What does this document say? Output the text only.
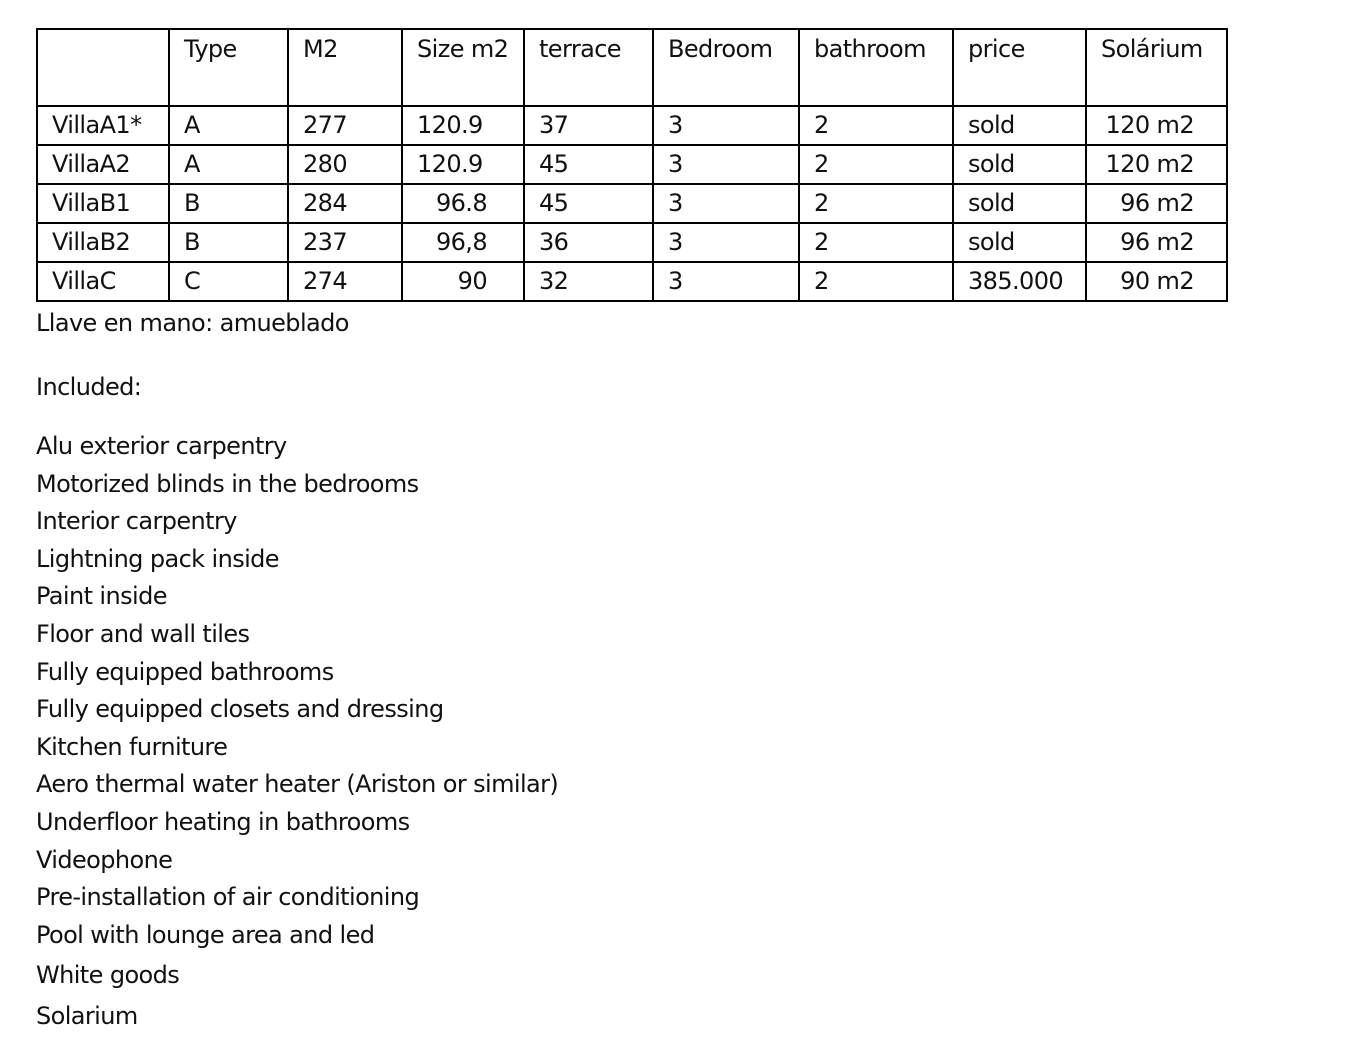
	Type	M2	Size m2	terrace	Bedroom	bathroom	price	Solárium
VillaA1*	A	277	120.9	37	3	2	sold	120 m2
VillaA2	A	280	120.9	45	3	2	sold	120 m2
VillaB1	B	284	96.8	45	3	2	sold	96 m2
VillaB2	B	237	96,8	36	3	2	sold	96 m2
VillaC	C	274	90	32	3	2	385.000	90 m2
Llave en mano: amueblado
Included:
Alu exterior carpentry
Motorized blinds in the bedrooms
Interior carpentry
Lightning pack inside
Paint inside
Floor and wall tiles
Fully equipped bathrooms
Fully equipped closets and dressing
Kitchen furniture
Aero thermal water heater (Ariston or similar)
Underfloor heating in bathrooms
Videophone
Pre-installation of air conditioning
Pool with lounge area and led
White goods
Solarium
